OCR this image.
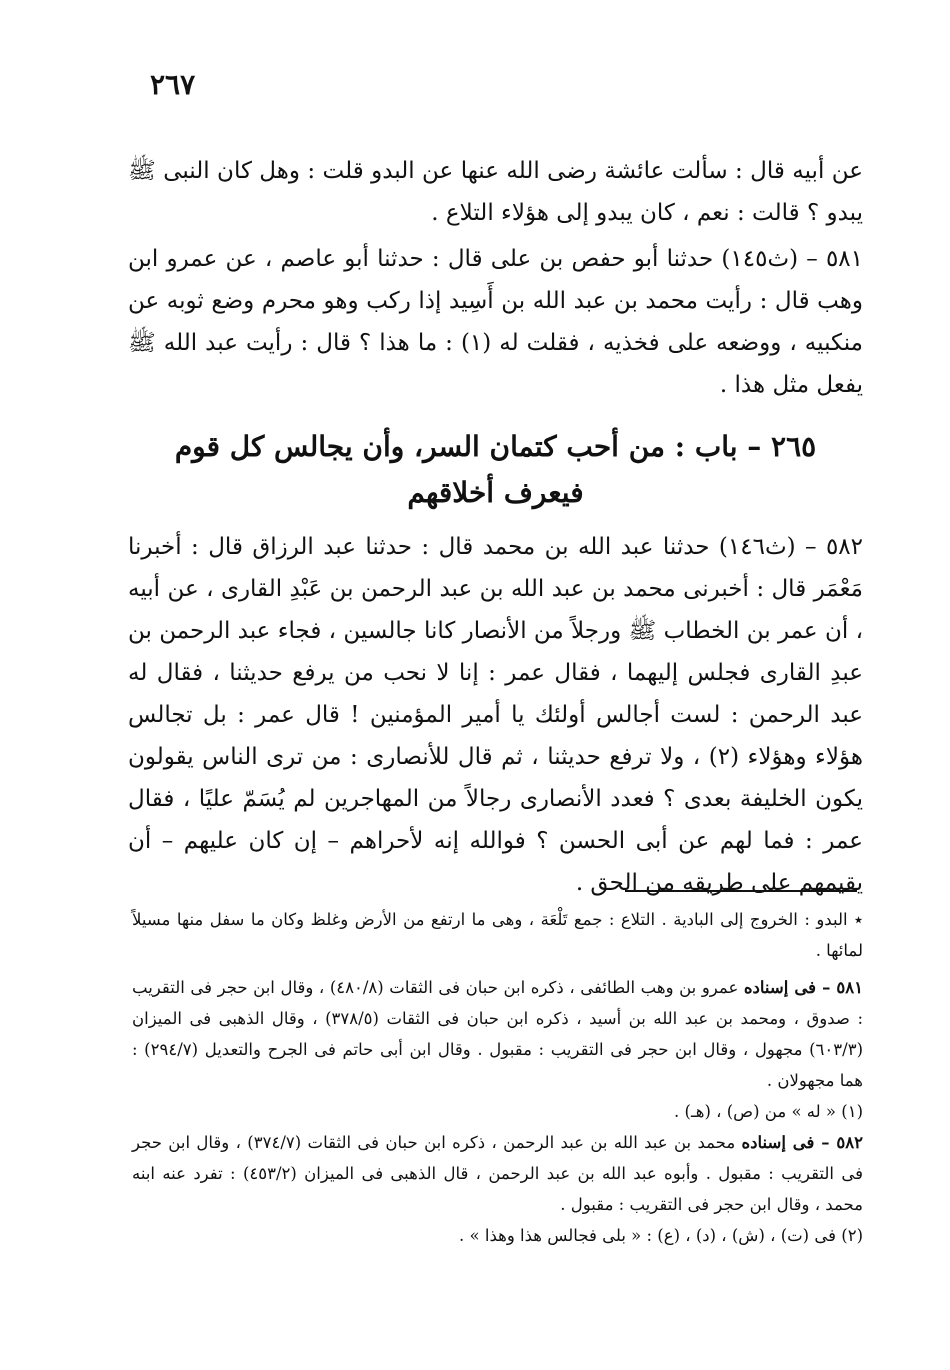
٢٦٧

عن أبيه قال : سألت عائشة رضى الله عنها عن البدو قلت : وهل كان النبى ﷺ يبدو ؟ قالت : نعم ، كان يبدو إلى هؤلاء التلاع .

٥٨١ – (ث١٤٥) حدثنا أبو حفص بن على قال : حدثنا أبو عاصم ، عن عمرو ابن وهب قال : رأيت محمد بن عبد الله بن أَسِيد إذا ركب وهو محرم وضع ثوبه عن منكبيه ، ووضعه على فخذيه ، فقلت له (١) : ما هذا ؟ قال : رأيت عبد الله ﷺ يفعل مثل هذا .

٢٦٥ – باب : من أحب كتمان السر، وأن يجالس كل قوم
فيعرف أخلاقهم

٥٨٢ – (ث١٤٦) حدثنا عبد الله بن محمد قال : حدثنا عبد الرزاق قال : أخبرنا مَعْمَر قال : أخبرنى محمد بن عبد الله بن عبد الرحمن بن عَبْدِ القارى ، عن أبيه ، أن عمر بن الخطاب ﷺ ورجلاً من الأنصار كانا جالسين ، فجاء عبد الرحمن بن عبدِ القارى فجلس إليهما ، فقال عمر : إنا لا نحب من يرفع حديثنا ، فقال له عبد الرحمن : لست أجالس أولئك يا أمير المؤمنين ! قال عمر : بل تجالس هؤلاء وهؤلاء (٢) ، ولا ترفع حديثنا ، ثم قال للأنصارى : من ترى الناس يقولون يكون الخليفة بعدى ؟ فعدد الأنصارى رجالاً من المهاجرين لم يُسَمّ عليًا ، فقال عمر : فما لهم عن أبى الحسن ؟ فوالله إنه لأحراهم – إن كان عليهم – أن يقيمهم على طريقه من الحق .

٭ البدو : الخروج إلى البادية . التلاع : جمع تَلْعَة ، وهى ما ارتفع من الأرض وغلظ وكان ما سفل منها مسيلاً لمائها .

٥٨١ – فى إسناده عمرو بن وهب الطائفى ، ذكره ابن حبان فى الثقات (٤٨٠/٨) ، وقال ابن حجر فى التقريب : صدوق ، ومحمد بن عبد الله بن أسيد ، ذكره ابن حبان فى الثقات (٣٧٨/٥) ، وقال الذهبى فى الميزان (٦٠٣/٣) مجهول ، وقال ابن حجر فى التقريب : مقبول . وقال ابن أبى حاتم فى الجرح والتعديل (٢٩٤/٧) : هما مجهولان .

(١) « له » من (ص) ، (هـ) .

٥٨٢ – فى إسناده محمد بن عبد الله بن عبد الرحمن ، ذكره ابن حبان فى الثقات (٣٧٤/٧) ، وقال ابن حجر فى التقريب : مقبول . وأبوه عبد الله بن عبد الرحمن ، قال الذهبى فى الميزان (٤٥٣/٢) : تفرد عنه ابنه محمد ، وقال ابن حجر فى التقريب : مقبول .

(٢) فى (ت) ، (ش) ، (د) ، (ع) : « بلى فجالس هذا وهذا » .
